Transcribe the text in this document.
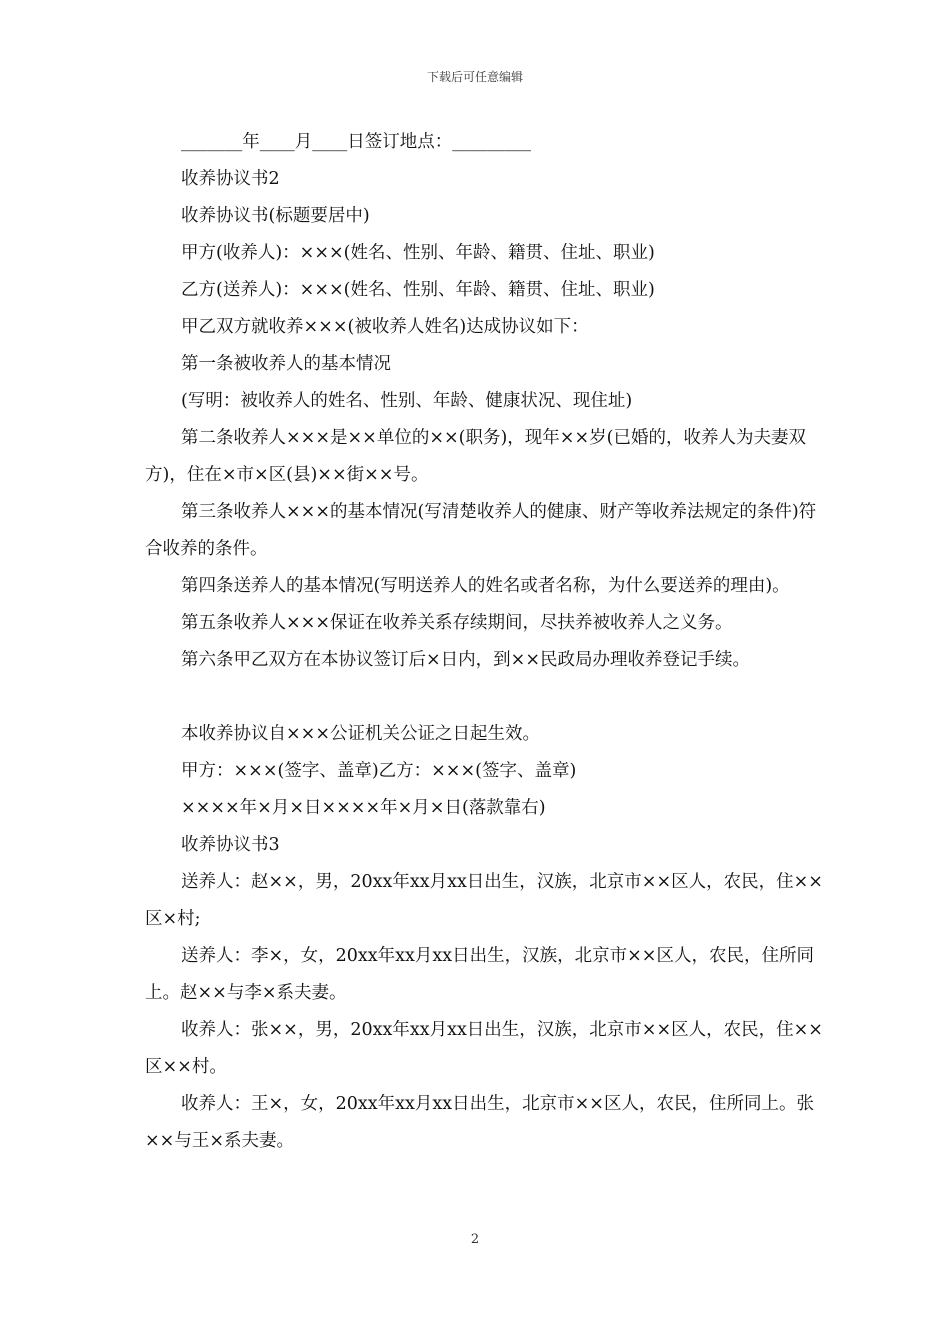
下载后可任意编辑

_______年____月____日签订地点：_________

收养协议书2

收养协议书(标题要居中)

甲方(收养人)：×××(姓名、性别、年龄、籍贯、住址、职业)

乙方(送养人)：×××(姓名、性别、年龄、籍贯、住址、职业)

甲乙双方就收养×××(被收养人姓名)达成协议如下：

第一条被收养人的基本情况

(写明：被收养人的姓名、性别、年龄、健康状况、现住址)

第二条收养人×××是××单位的××(职务)，现年××岁(已婚的，收养人为夫妻双方)，住在×市×区(县)××街××号。

第三条收养人×××的基本情况(写清楚收养人的健康、财产等收养法规定的条件)符合收养的条件。

第四条送养人的基本情况(写明送养人的姓名或者名称，为什么要送养的理由)。

第五条收养人×××保证在收养关系存续期间，尽扶养被收养人之义务。

第六条甲乙双方在本协议签订后×日内，到××民政局办理收养登记手续。

本收养协议自×××公证机关公证之日起生效。

甲方：×××(签字、盖章)乙方：×××(签字、盖章)

××××年×月×日××××年×月×日(落款靠右)

收养协议书3

送养人：赵××，男，20xx年xx月xx日出生，汉族，北京市××区人，农民，住××区×村;

送养人：李×，女，20xx年xx月xx日出生，汉族，北京市××区人，农民，住所同上。赵××与李×系夫妻。

收养人：张××，男，20xx年xx月xx日出生，汉族，北京市××区人，农民，住××区××村。

收养人：王×，女，20xx年xx月xx日出生，北京市××区人，农民，住所同上。张××与王×系夫妻。

2
